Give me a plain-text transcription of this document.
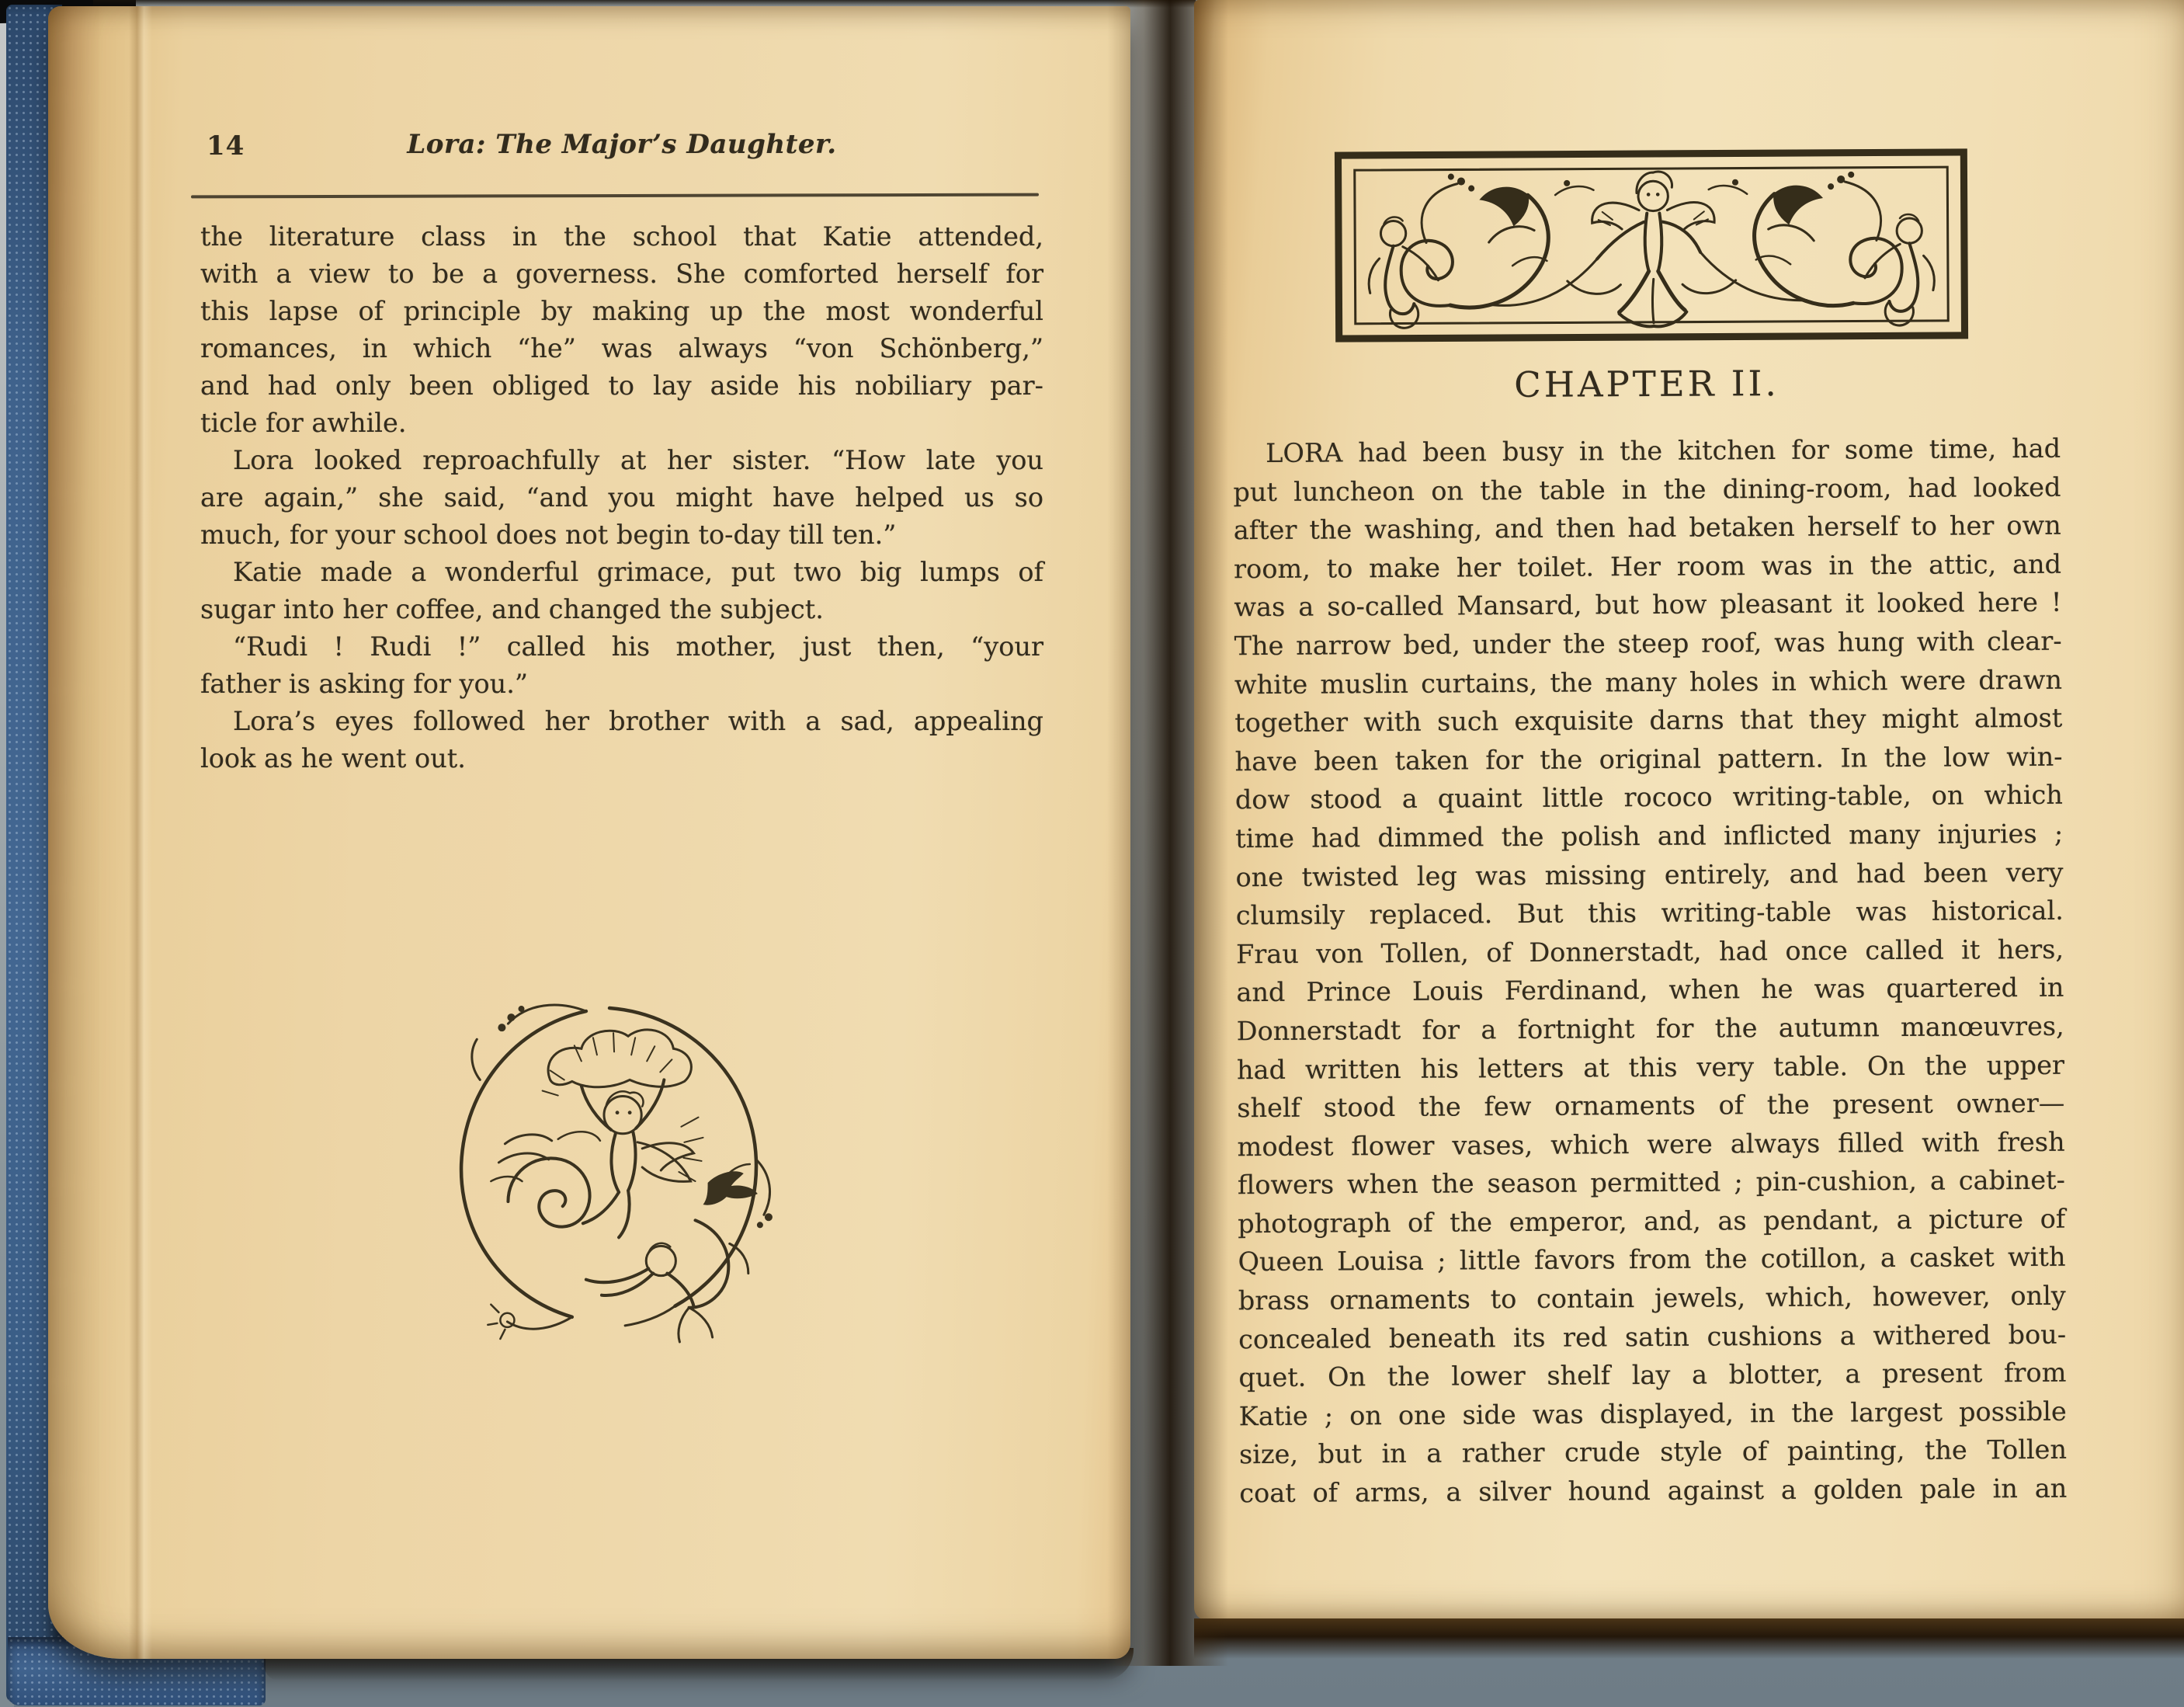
14	Lora: The Major’s Daughter.
the literature class in the school that Katie attended,
with a view to be a governess. She comforted herself for
this lapse of principle by making up the most wonderful
romances, in which “he” was always “von Schönberg,”
and had only been obliged to lay aside his nobiliary par-
ticle for awhile.
Lora looked reproachfully at her sister. “How late you
are again,” she said, “and you might have helped us so
much, for your school does not begin to-day till ten.”
Katie made a wonderful grimace, put two big lumps of
sugar into her coffee, and changed the subject.
“Rudi ! Rudi !” called his mother, just then, “your
father is asking for you.”
Lora’s eyes followed her brother with a sad, appealing
look as he went out.
CHAPTER II.
LORA had been busy in the kitchen for some time, had
put luncheon on the table in the dining-room, had looked
after the washing, and then had betaken herself to her own
room, to make her toilet. Her room was in the attic, and
was a so-called Mansard, but how pleasant it looked here !
The narrow bed, under the steep roof, was hung with clear-
white muslin curtains, the many holes in which were drawn
together with such exquisite darns that they might almost
have been taken for the original pattern. In the low win-
dow stood a quaint little rococo writing-table, on which
time had dimmed the polish and inflicted many injuries ;
one twisted leg was missing entirely, and had been very
clumsily replaced. But this writing-table was historical.
Frau von Tollen, of Donnerstadt, had once called it hers,
and Prince Louis Ferdinand, when he was quartered in
Donnerstadt for a fortnight for the autumn manœuvres,
had written his letters at this very table. On the upper
shelf stood the few ornaments of the present owner—
modest flower vases, which were always filled with fresh
flowers when the season permitted ; pin-cushion, a cabinet-
photograph of the emperor, and, as pendant, a picture of
Queen Louisa ; little favors from the cotillon, a casket with
brass ornaments to contain jewels, which, however, only
concealed beneath its red satin cushions a withered bou-
quet. On the lower shelf lay a blotter, a present from
Katie ; on one side was displayed, in the largest possible
size, but in a rather crude style of painting, the Tollen
coat of arms, a silver hound against a golden pale in an
